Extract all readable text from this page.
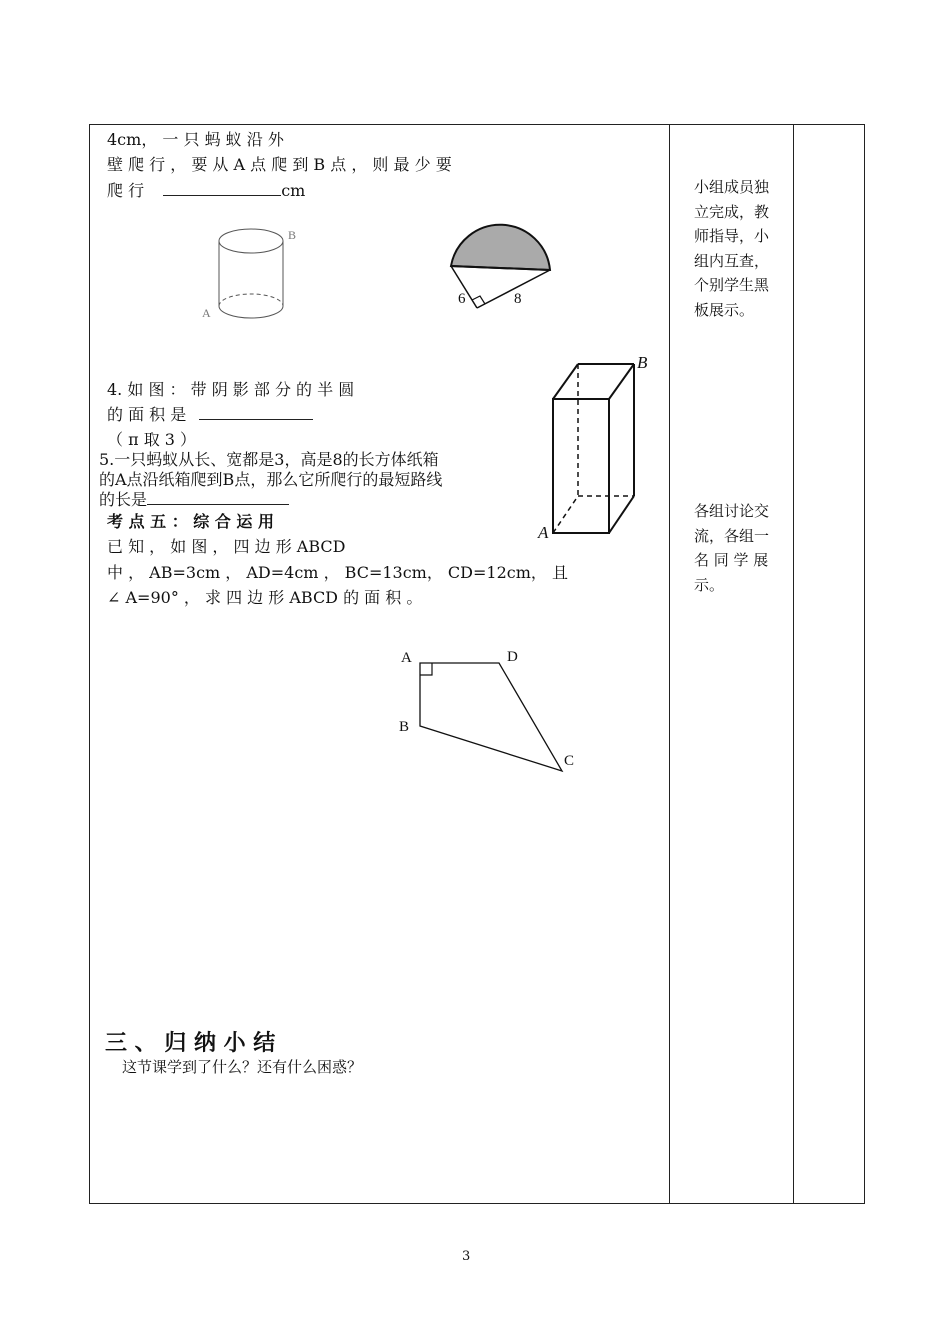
4cm， 一 只 蚂 蚁 沿 外
壁 爬 行 ， 要 从 A 点 爬 到 B 点 ， 则 最 少 要
爬 行	cm
A
B
6	8
4. 如 图 ： 带 阴 影 部 分 的 半 圆
的 面 积 是
（ π 取 3 ）
5.一只蚂蚁从长、宽都是3，高是8的长方体纸箱
的A点沿纸箱爬到B点，那么它所爬行的最短路线
的长是
A
B
考 点 五 ： 综 合 运 用
已 知 ， 如 图 ， 四 边 形 ABCD
中 ， AB=3cm ， AD=4cm ， BC=13cm， CD=12cm， 且
∠ A=90° ， 求 四 边 形 ABCD 的 面 积 。
A
B
C
D
三 、 归 纳 小 结
这节课学到了什么？还有什么困惑？
小组成员独
立完成，教
师指导，小
组内互查，
个别学生黑
板展示。
各组讨论交
流，各组一
名 同 学 展
示。
3
